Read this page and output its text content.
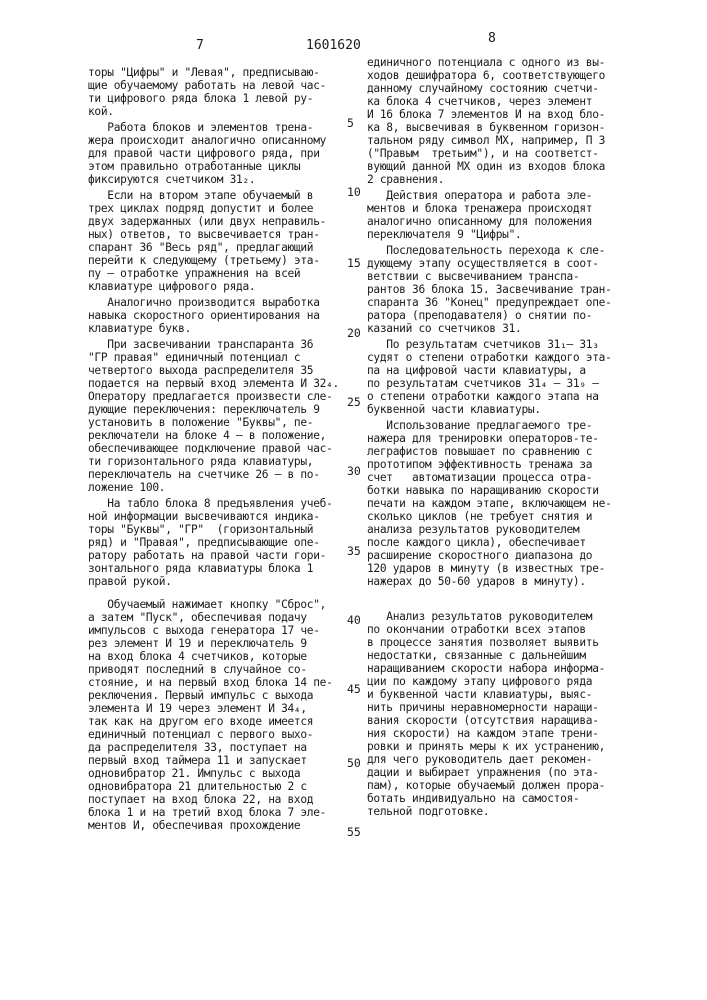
7	1601620	8
5
10
15
20
25
30
35
40
45
50
55
торы "Цифры" и "Левая", предписываю-
щие обучаемому работать на левой час-
ти цифрового ряда блока 1 левой ру-
кой.
Работа блоков и элементов трена-
жера происходит аналогично описанному
для правой части цифрового ряда, при
этом правильно отработанные циклы
фиксируются счетчиком 31₂.
Если на втором этапе обучаемый в
трех циклах подряд допустит и более
двух задержанных (или двух неправиль-
ных) ответов, то высвечивается тран-
спарант 36 "Весь ряд", предлагающий
перейти к следующему (третьему) эта-
пу – отработке упражнения на всей
клавиатуре цифрового ряда.
Аналогично производится выработка
навыка скоростного ориентирования на
клавиатуре букв.
При засвечивании транспаранта 36
"ГР правая" единичный потенциал с
четвертого выхода распределителя 35
подается на первый вход элемента И 32₄.
Оператору предлагается произвести сле-
дующие переключения: переключатель 9
установить в положение "Буквы", пе-
реключатели на блоке 4 – в положение,
обеспечивающее подключение правой час-
ти горизонтального ряда клавиатуры,
переключатель на счетчике 26 – в по-
ложение 100.
На табло блока 8 предъявления учеб-
ной информации высвечиваются индика-
торы "Буквы", "ГР"  (горизонтальный
ряд) и "Правая", предписывающие опе-
ратору работать на правой части гори-
зонтального ряда клавиатуры блока 1
правой рукой.
Обучаемый нажимает кнопку "Сброс",
а затем "Пуск", обеспечивая подачу
импульсов с выхода генератора 17 че-
рез элемент И 19 и переключатель 9
на вход блока 4 счетчиков, которые
приводят последний в случайное со-
стояние, и на первый вход блока 14 пе-
реключения. Первый импульс с выхода
элемента И 19 через элемент И 34₄,
так как на другом его входе имеется
единичный потенциал с первого выхо-
да распределителя 33, поступает на
первый вход таймера 11 и запускает
одновибратор 21. Импульс с выхода
одновибратора 21 длительностью 2 с
поступает на вход блока 22, на вход
блока 1 и на третий вход блока 7 эле-
ментов И, обеспечивая прохождение
единичного потенциала с одного из вы-
ходов дешифратора 6, соответствующего
данному случайному состоянию счетчи-
ка блока 4 счетчиков, через элемент
И 16 блока 7 элементов И на вход бло-
ка 8, высвечивая в буквенном горизон-
тальном ряду символ МХ, например, П 3
("Правым  третьим"), и на соответст-
вующий данной МХ один из входов блока
2 сравнения.
Действия оператора и работа эле-
ментов и блока тренажера происходят
аналогично описанному для положения
переключателя 9 "Цифры".
Последовательность перехода к сле-
дующему этапу осуществляется в соот-
ветствии с высвечиванием транспа-
рантов 36 блока 15. Засвечивание тран-
спаранта 36 "Конец" предупреждает опе-
ратора (преподавателя) о снятии по-
казаний со счетчиков 31.
По результатам счетчиков 31₁– 31₃
судят о степени отработки каждого эта-
па на цифровой части клавиатуры, а
по результатам счетчиков 31₄ – 31₉ –
о степени отработки каждого этапа на
буквенной части клавиатуры.
Использование предлагаемого тре-
нажера для тренировки операторов-те-
леграфистов повышает по сравнению с
прототипом эффективность тренажа за
счет   автоматизации процесса отра-
ботки навыка по наращиванию скорости
печати на каждом этапе, включающем не-
сколько циклов (не требует снятия и
анализа результатов руководителем
после каждого цикла), обеспечивает
расширение скоростного диапазона до
120 ударов в минуту (в известных тре-
нажерах до 50-60 ударов в минуту).
Анализ результатов руководителем
по окончании отработки всех этапов
в процессе занятия позволяет выявить
недостатки, связанные с дальнейшим
наращиванием скорости набора информа-
ции по каждому этапу цифрового ряда
и буквенной части клавиатуры, выяс-
нить причины неравномерности наращи-
вания скорости (отсутствия наращива-
ния скорости) на каждом этапе трени-
ровки и принять меры к их устранению,
для чего руководитель дает рекомен-
дации и выбирает упражнения (по эта-
пам), которые обучаемый должен прора-
ботать индивидуально на самостоя-
тельной подготовке.
